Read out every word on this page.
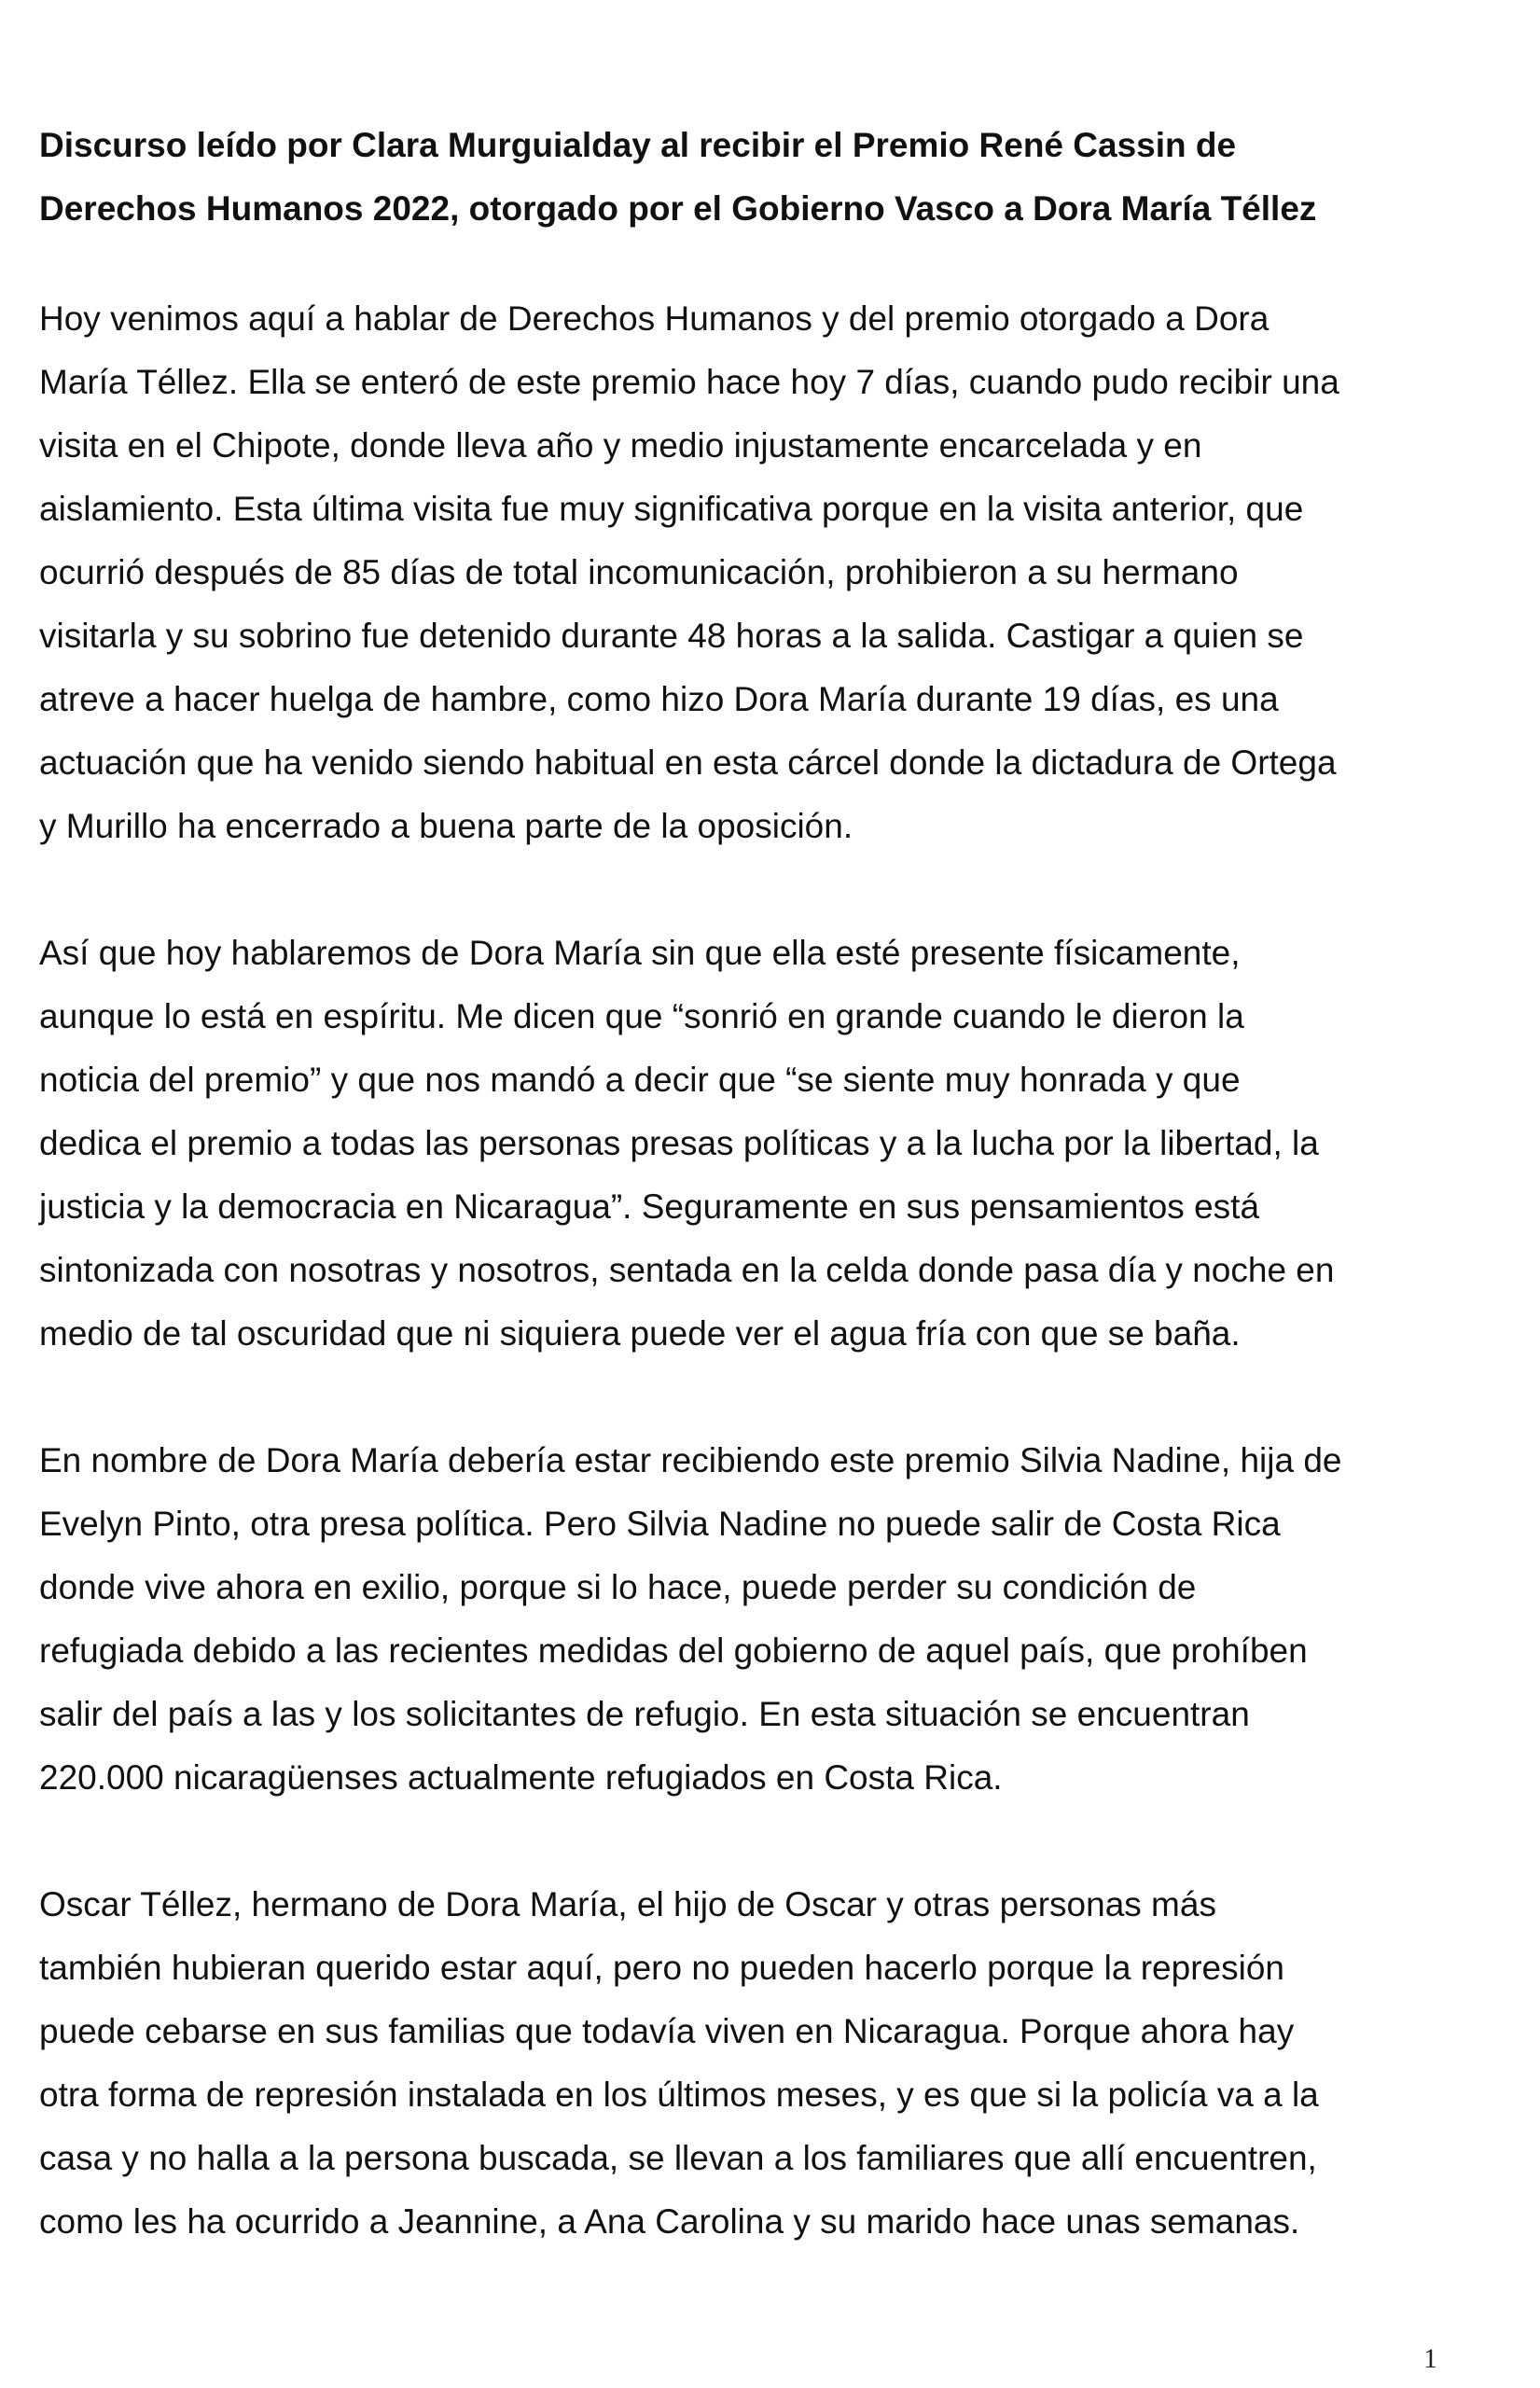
Discurso leído por Clara Murguialday al recibir el Premio René Cassin de
Derechos Humanos 2022, otorgado por el Gobierno Vasco a Dora María Téllez
Hoy venimos aquí a hablar de Derechos Humanos y del premio otorgado a Dora
María Téllez. Ella se enteró de este premio hace hoy 7 días, cuando pudo recibir una
visita en el Chipote, donde lleva año y medio injustamente encarcelada y en
aislamiento. Esta última visita fue muy significativa porque en la visita anterior, que
ocurrió después de 85 días de total incomunicación, prohibieron a su hermano
visitarla y su sobrino fue detenido durante 48 horas a la salida. Castigar a quien se
atreve a hacer huelga de hambre, como hizo Dora María durante 19 días, es una
actuación que ha venido siendo habitual en esta cárcel donde la dictadura de Ortega
y Murillo ha encerrado a buena parte de la oposición.
Así que hoy hablaremos de Dora María sin que ella esté presente físicamente,
aunque lo está en espíritu. Me dicen que “sonrió en grande cuando le dieron la
noticia del premio” y que nos mandó a decir que “se siente muy honrada y que
dedica el premio a todas las personas presas políticas y a la lucha por la libertad, la
justicia y la democracia en Nicaragua”. Seguramente en sus pensamientos está
sintonizada con nosotras y nosotros, sentada en la celda donde pasa día y noche en
medio de tal oscuridad que ni siquiera puede ver el agua fría con que se baña.
En nombre de Dora María debería estar recibiendo este premio Silvia Nadine, hija de
Evelyn Pinto, otra presa política. Pero Silvia Nadine no puede salir de Costa Rica
donde vive ahora en exilio, porque si lo hace, puede perder su condición de
refugiada debido a las recientes medidas del gobierno de aquel país, que prohíben
salir del país a las y los solicitantes de refugio. En esta situación se encuentran
220.000 nicaragüenses actualmente refugiados en Costa Rica.
Oscar Téllez, hermano de Dora María, el hijo de Oscar y otras personas más
también hubieran querido estar aquí, pero no pueden hacerlo porque la represión
puede cebarse en sus familias que todavía viven en Nicaragua. Porque ahora hay
otra forma de represión instalada en los últimos meses, y es que si la policía va a la
casa y no halla a la persona buscada, se llevan a los familiares que allí encuentren,
como les ha ocurrido a Jeannine, a Ana Carolina y su marido hace unas semanas.
1
